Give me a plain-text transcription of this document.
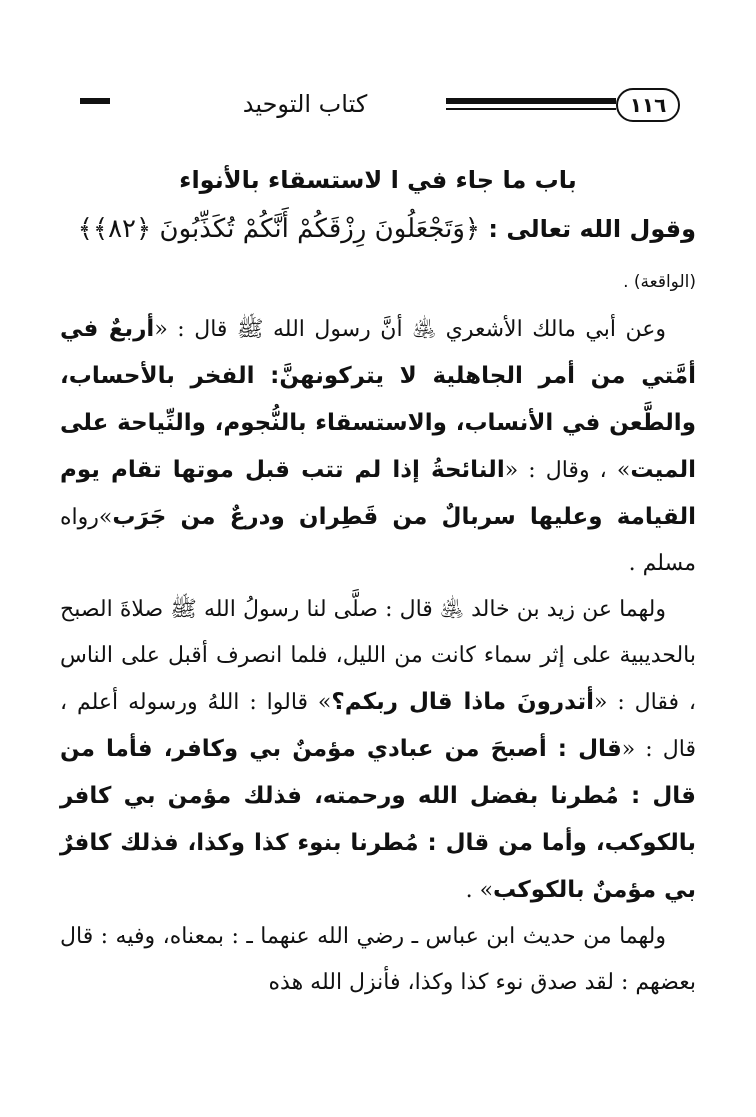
١١٦
كتاب التوحيد
باب ما جاء في ا لاستسقاء بالأنواء
وقول الله تعالى : ﴿وَتَجْعَلُونَ رِزْقَكُمْ أَنَّكُمْ تُكَذِّبُونَ ﴿٨٢﴾﴾
(الواقعة) .

وعن أبي مالك الأشعري ﵁ أنَّ رسول الله ﷺ قال : «أربعٌ في أمَّتي من أمر الجاهلية لا يتركونهنَّ: الفخر بالأحساب، والطَّعن في الأنساب، والاستسقاء بالنُّجوم، والنِّياحة على الميت» ، وقال : «النائحةُ إذا لم تتب قبل موتها تقام يوم القيامة وعليها سربالٌ من قَطِران ودرعٌ من جَرَب»رواه مسلم .

ولهما عن زيد بن خالد ﵁ قال : صلَّى لنا رسولُ الله ﷺ صلاةَ الصبح بالحديبية على إثر سماء كانت من الليل، فلما انصرف أقبل على الناس ، فقال : «أتدرونَ ماذا قال ربكم؟» قالوا : اللهُ ورسوله أعلم ، قال : «قال : أصبحَ من عبادي مؤمنٌ بي وكافر، فأما من قال : مُطرنا بفضل الله ورحمته، فذلك مؤمن بي كافر بالكوكب، وأما من قال : مُطرنا بنوء كذا وكذا، فذلك كافرٌ بي مؤمنٌ بالكوكب» .

ولهما من حديث ابن عباس ـ رضي الله عنهما ـ : بمعناه، وفيه : قال بعضهم : لقد صدق نوء كذا وكذا، فأنزل الله هذه
